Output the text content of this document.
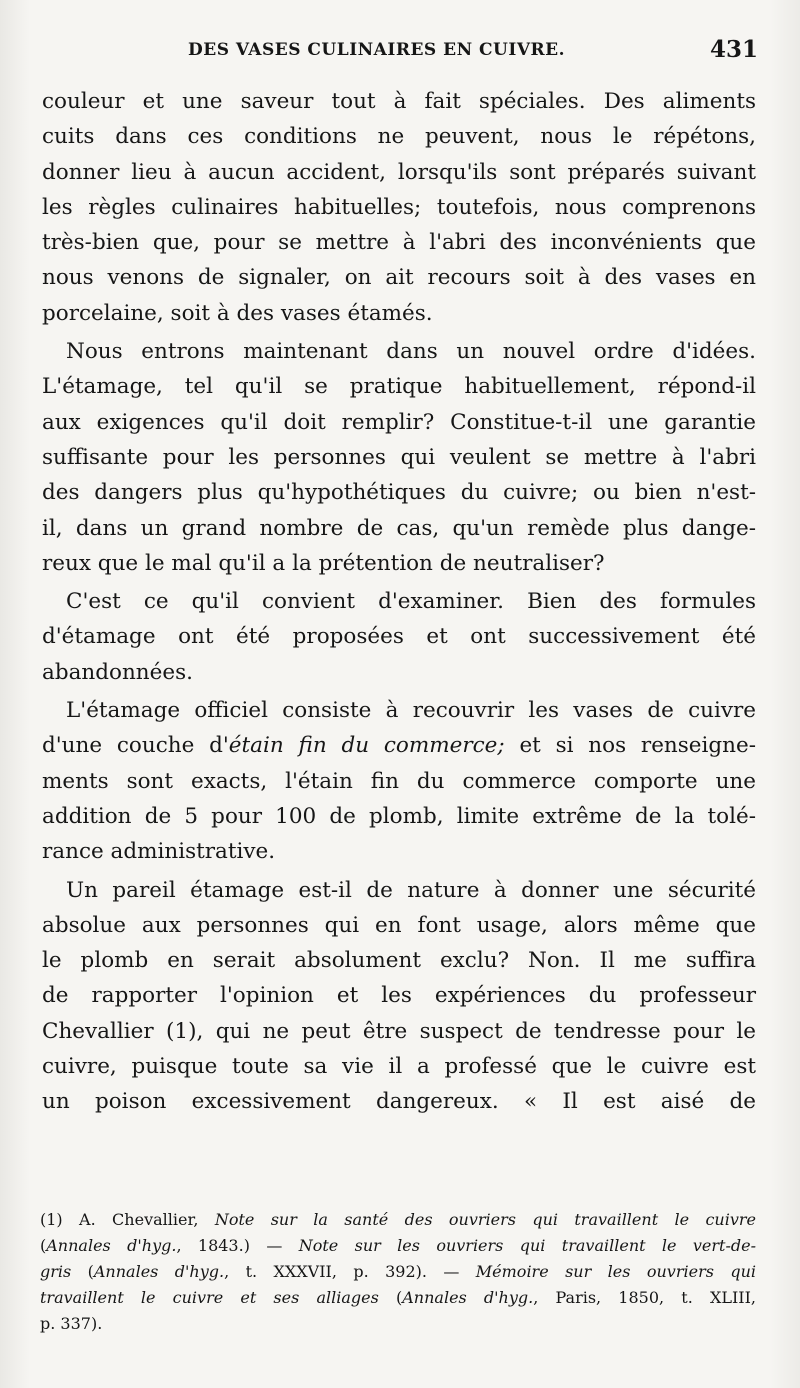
DES VASES CULINAIRES EN CUIVRE.	431
couleur et une saveur tout à fait spéciales. Des aliments
cuits dans ces conditions ne peuvent, nous le répétons,
donner lieu à aucun accident, lorsqu'ils sont préparés suivant
les règles culinaires habituelles; toutefois, nous comprenons
très-bien que, pour se mettre à l'abri des inconvénients que
nous venons de signaler, on ait recours soit à des vases en
porcelaine, soit à des vases étamés.
Nous entrons maintenant dans un nouvel ordre d'idées.
L'étamage, tel qu'il se pratique habituellement, répond-il
aux exigences qu'il doit remplir? Constitue-t-il une garantie
suffisante pour les personnes qui veulent se mettre à l'abri
des dangers plus qu'hypothétiques du cuivre; ou bien n'est-
il, dans un grand nombre de cas, qu'un remède plus dange-
reux que le mal qu'il a la prétention de neutraliser?
C'est ce qu'il convient d'examiner. Bien des formules
d'étamage ont été proposées et ont successivement été
abandonnées.
L'étamage officiel consiste à recouvrir les vases de cuivre
d'une couche d'étain fin du commerce; et si nos renseigne-
ments sont exacts, l'étain fin du commerce comporte une
addition de 5 pour 100 de plomb, limite extrême de la tolé-
rance administrative.
Un pareil étamage est-il de nature à donner une sécurité
absolue aux personnes qui en font usage, alors même que
le plomb en serait absolument exclu? Non. Il me suffira
de rapporter l'opinion et les expériences du professeur
Chevallier (1), qui ne peut être suspect de tendresse pour le
cuivre, puisque toute sa vie il a professé que le cuivre est
un poison excessivement dangereux. « Il est aisé de
(1) A. Chevallier, Note sur la santé des ouvriers qui travaillent le cuivre
(Annales d'hyg., 1843.) — Note sur les ouvriers qui travaillent le vert-de-
gris (Annales d'hyg., t. XXXVII, p. 392). — Mémoire sur les ouvriers qui
travaillent le cuivre et ses alliages (Annales d'hyg., Paris, 1850, t. XLIII,
p. 337).
